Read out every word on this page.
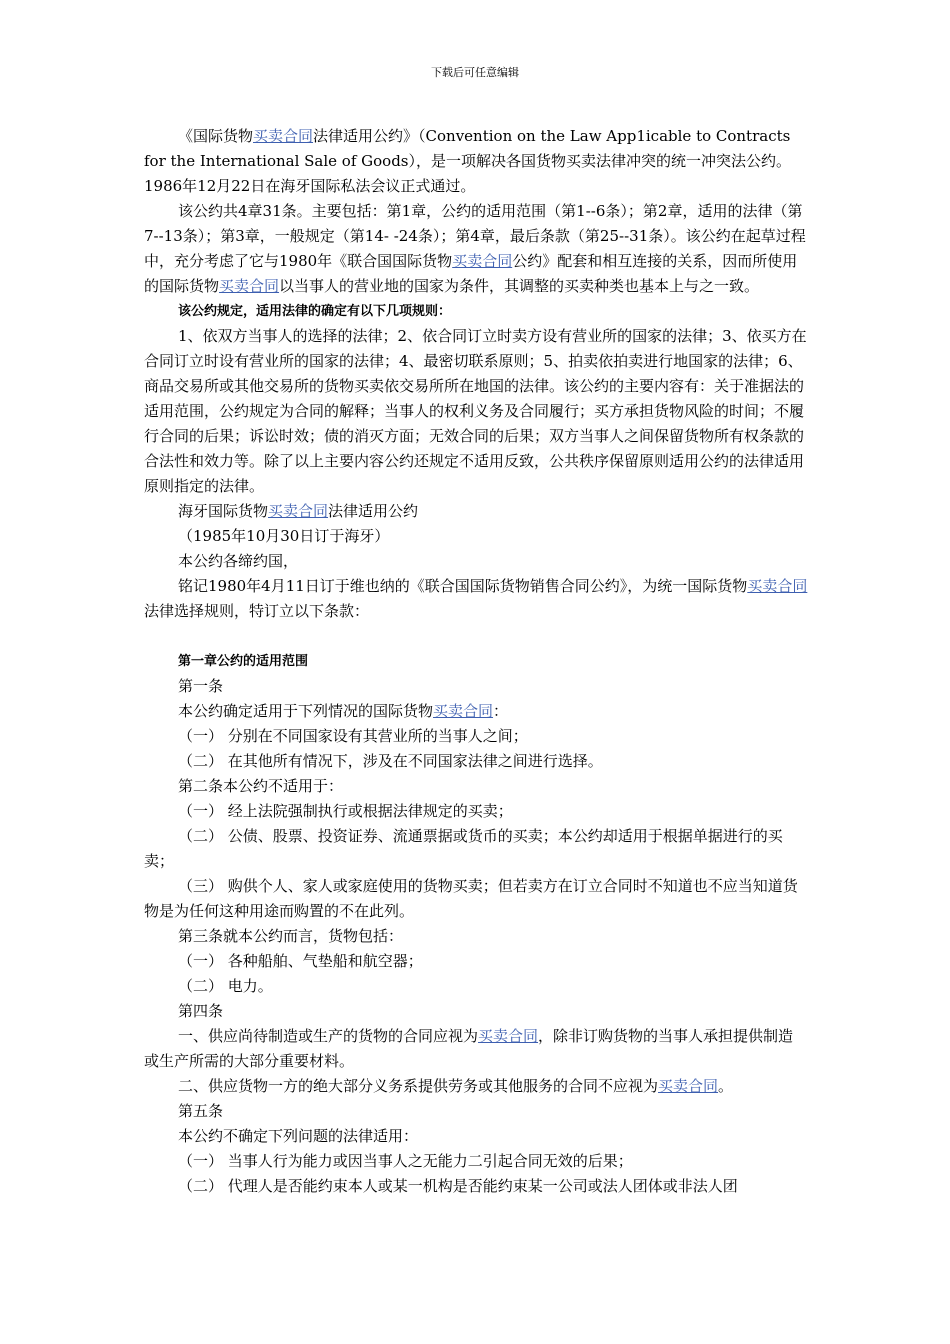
下载后可任意编辑

《国际货物买卖合同法律适用公约》（Convention on the Law App1icable to Contracts for the International Sale of Goods），是一项解决各国货物买卖法律冲突的统一冲突法公约。1986年12月22日在海牙国际私法会议正式通过。

该公约共4章31条。主要包括：第1章，公约的适用范围（第1--6条）；第2章，适用的法律（第7--13条）；第3章，一般规定（第14- -24条）；第4章，最后条款（第25--31条）。该公约在起草过程中，充分考虑了它与1980年《联合国国际货物买卖合同公约》配套和相互连接的关系，因而所使用的国际货物买卖合同以当事人的营业地的国家为条件，其调整的买卖种类也基本上与之一致。

该公约规定，适用法律的确定有以下几项规则：

1、依双方当事人的选择的法律；2、依合同订立时卖方设有营业所的国家的法律；3、依买方在合同订立时设有营业所的国家的法律；4、最密切联系原则；5、拍卖依拍卖进行地国家的法律；6、商品交易所或其他交易所的货物买卖依交易所所在地国的法律。该公约的主要内容有：关于准据法的适用范围，公约规定为合同的解释；当事人的权利义务及合同履行；买方承担货物风险的时间；不履行合同的后果；诉讼时效；债的消灭方面；无效合同的后果；双方当事人之间保留货物所有权条款的合法性和效力等。除了以上主要内容公约还规定不适用反致，公共秩序保留原则适用公约的法律适用原则指定的法律。

海牙国际货物买卖合同法律适用公约

（1985年10月30日订于海牙）

本公约各缔约国，

铭记1980年4月11日订于维也纳的《联合国国际货物销售合同公约》，为统一国际货物买卖合同法律选择规则，特订立以下条款：

第一章公约的适用范围

第一条

本公约确定适用于下列情况的国际货物买卖合同：

（一） 分别在不同国家设有其营业所的当事人之间；

（二） 在其他所有情况下，涉及在不同国家法律之间进行选择。

第二条本公约不适用于：

（一） 经上法院强制执行或根据法律规定的买卖；

（二） 公债、股票、投资证券、流通票据或货币的买卖；本公约却适用于根据单据进行的买卖；

（三） 购供个人、家人或家庭使用的货物买卖；但若卖方在订立合同时不知道也不应当知道货物是为任何这种用途而购置的不在此列。

第三条就本公约而言，货物包括：

（一） 各种船舶、气垫船和航空器；

（二） 电力。

第四条

一、供应尚待制造或生产的货物的合同应视为买卖合同，除非订购货物的当事人承担提供制造或生产所需的大部分重要材料。

二、供应货物一方的绝大部分义务系提供劳务或其他服务的合同不应视为买卖合同。

第五条

本公约不确定下列问题的法律适用：

（一） 当事人行为能力或因当事人之无能力二引起合同无效的后果；

（二） 代理人是否能约束本人或某一机构是否能约束某一公司或法人团体或非法人团
